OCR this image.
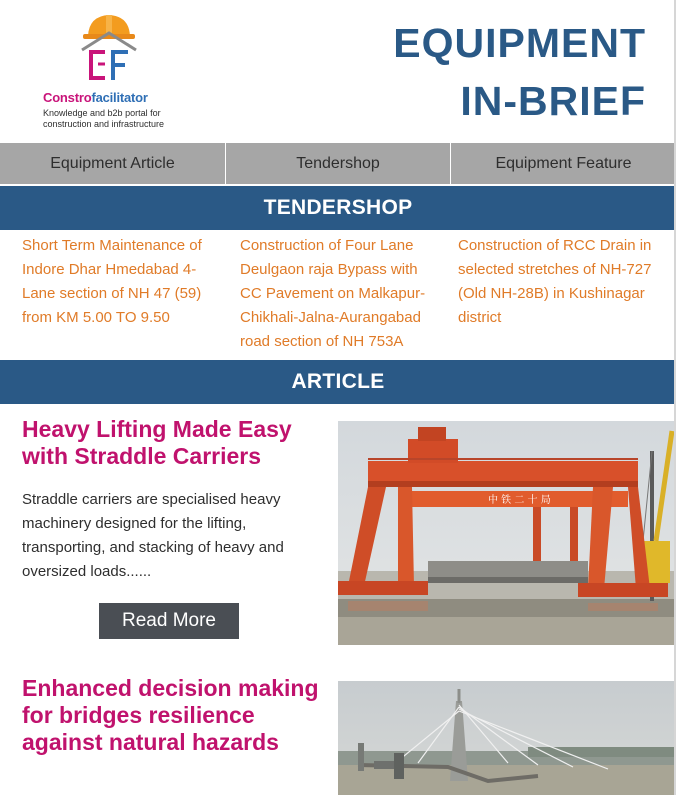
Constrofacilitator
Knowledge and b2b portal for construction and infrastructure
EQUIPMENT
IN-BRIEF
Equipment Article	Tendershop	Equipment Feature
TENDERSHOP
Short Term Maintenance of Indore Dhar Hmedabad 4-Lane section of NH 47 (59) from KM 5.00 TO 9.50
Construction of Four Lane Deulgaon raja Bypass with CC Pavement on Malkapur-Chikhali-Jalna-Aurangabad road section of NH 753A
Construction of RCC Drain in selected stretches of NH-727 (Old NH-28B) in Kushinagar district
ARTICLE
Heavy Lifting Made Easy with Straddle Carriers
Straddle carriers are specialised heavy machinery designed for the lifting, transporting, and stacking of heavy and oversized loads......
Read More
中 铁 二 十 局
Enhanced decision making for bridges resilience against natural hazards
